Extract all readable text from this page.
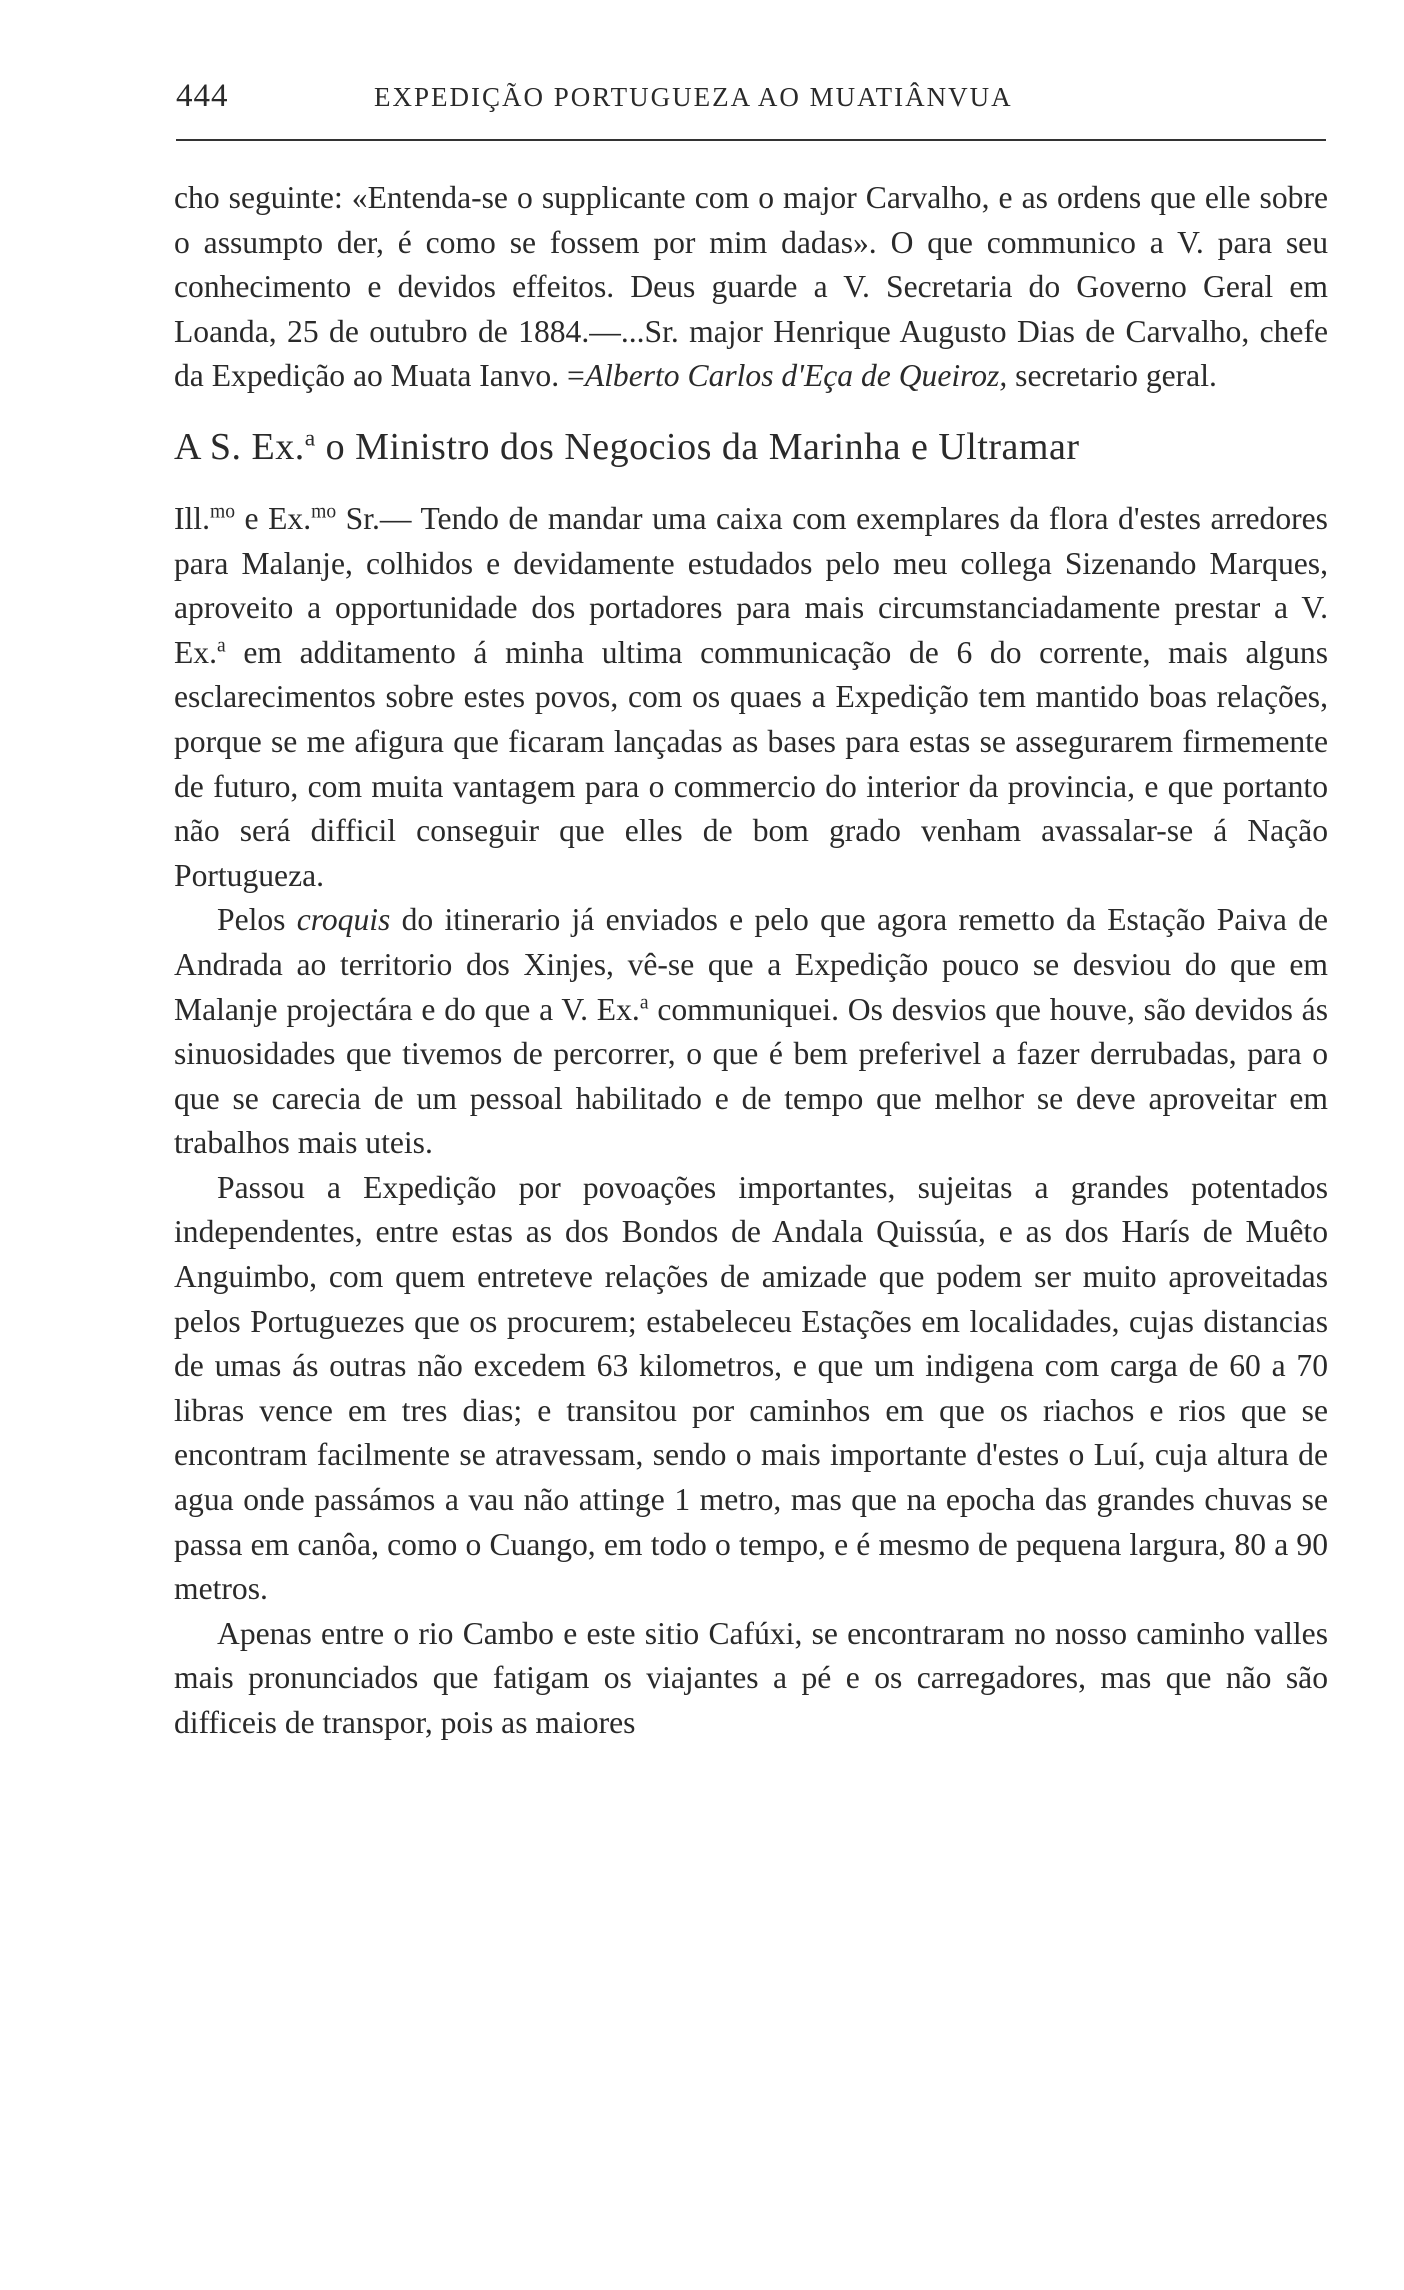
444	EXPEDIÇÃO PORTUGUEZA AO MUATIÂNVUA

cho seguinte: «Entenda-se o supplicante com o major Carvalho, e as ordens que elle sobre o assumpto der, é como se fossem por mim dadas». O que communico a V. para seu conhecimento e devidos effeitos. Deus guarde a V. Secretaria do Governo Geral em Loanda, 25 de outubro de 1884.—...Sr. major Henrique Augusto Dias de Carvalho, chefe da Expedição ao Muata Ianvo. =Alberto Carlos d'Eça de Queiroz, secretario geral.

A S. Ex.$^a$ o Ministro dos Negocios da Marinha e Ultramar

Ill.$^{mo}$ e Ex.$^{mo}$ Sr.— Tendo de mandar uma caixa com exemplares da flora d'estes arredores para Malanje, colhidos e devidamente estudados pelo meu collega Sizenando Marques, aproveito a opportunidade dos portadores para mais circumstanciadamente prestar a V. Ex.$^a$ em additamento á minha ultima communicação de 6 do corrente, mais alguns esclarecimentos sobre estes povos, com os quaes a Expedição tem mantido boas relações, porque se me afigura que ficaram lançadas as bases para estas se assegurarem firmemente de futuro, com muita vantagem para o commercio do interior da provincia, e que portanto não será difficil conseguir que elles de bom grado venham avassalar-se á Nação Portugueza.

Pelos croquis do itinerario já enviados e pelo que agora remetto da Estação Paiva de Andrada ao territorio dos Xinjes, vê-se que a Expedição pouco se desviou do que em Malanje projectára e do que a V. Ex.$^a$ communiquei. Os desvios que houve, são devidos ás sinuosidades que tivemos de percorrer, o que é bem preferivel a fazer derrubadas, para o que se carecia de um pessoal habilitado e de tempo que melhor se deve aproveitar em trabalhos mais uteis.

Passou a Expedição por povoações importantes, sujeitas a grandes potentados independentes, entre estas as dos Bondos de Andala Quissúa, e as dos Harís de Muêto Anguimbo, com quem entreteve relações de amizade que podem ser muito aproveitadas pelos Portuguezes que os procurem; estabeleceu Estações em localidades, cujas distancias de umas ás outras não excedem 63 kilometros, e que um indigena com carga de 60 a 70 libras vence em tres dias; e transitou por caminhos em que os riachos e rios que se encontram facilmente se atravessam, sendo o mais importante d'estes o Luí, cuja altura de agua onde passámos a vau não attinge 1 metro, mas que na epocha das grandes chuvas se passa em canôa, como o Cuango, em todo o tempo, e é mesmo de pequena largura, 80 a 90 metros.

Apenas entre o rio Cambo e este sitio Cafúxi, se encontraram no nosso caminho valles mais pronunciados que fatigam os viajantes a pé e os carregadores, mas que não são difficeis de transpor, pois as maiores
